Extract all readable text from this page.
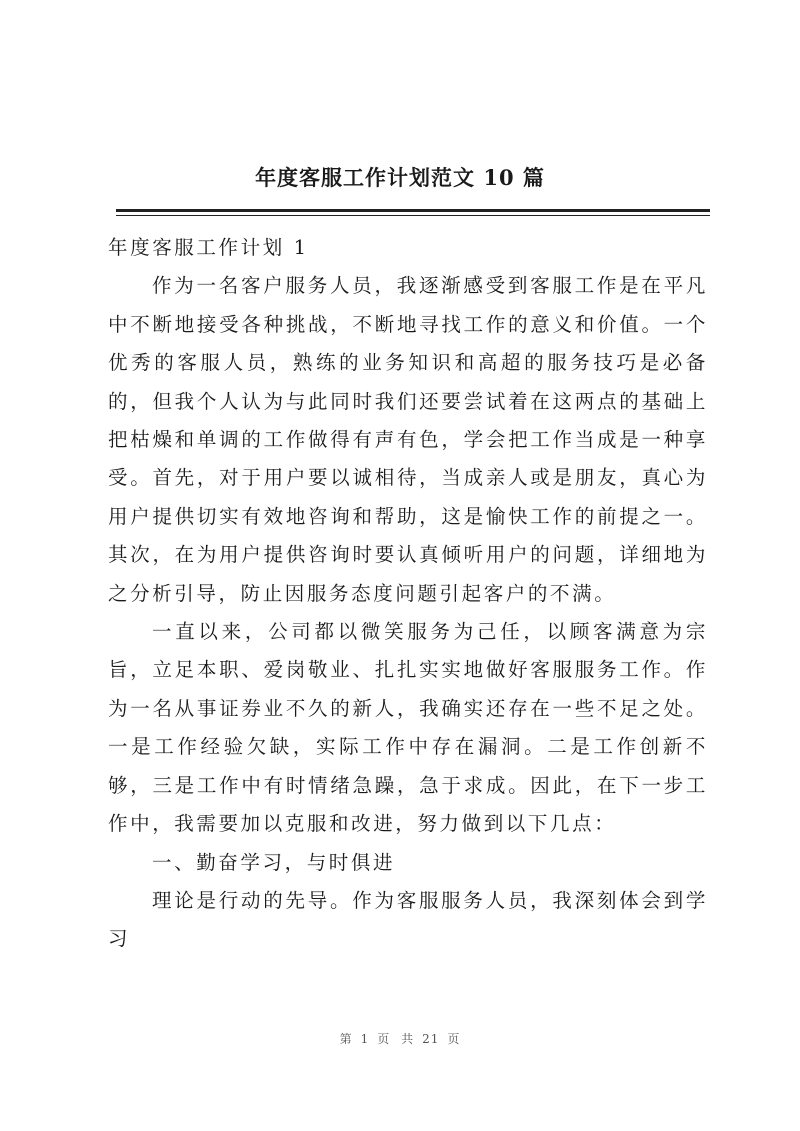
年度客服工作计划范文 10 篇

年度客服工作计划 1

作为一名客户服务人员，我逐渐感受到客服工作是在平凡中不断地接受各种挑战，不断地寻找工作的意义和价值。一个优秀的客服人员，熟练的业务知识和高超的服务技巧是必备的，但我个人认为与此同时我们还要尝试着在这两点的基础上把枯燥和单调的工作做得有声有色，学会把工作当成是一种享受。首先，对于用户要以诚相待，当成亲人或是朋友，真心为用户提供切实有效地咨询和帮助，这是愉快工作的前提之一。其次，在为用户提供咨询时要认真倾听用户的问题，详细地为之分析引导，防止因服务态度问题引起客户的不满。

一直以来，公司都以微笑服务为己任，以顾客满意为宗旨，立足本职、爱岗敬业、扎扎实实地做好客服服务工作。作为一名从事证券业不久的新人，我确实还存在一些不足之处。一是工作经验欠缺，实际工作中存在漏洞。二是工作创新不够，三是工作中有时情绪急躁，急于求成。因此，在下一步工作中，我需要加以克服和改进，努力做到以下几点：

一、勤奋学习，与时俱进

理论是行动的先导。作为客服服务人员，我深刻体会到学习

第 1 页 共 21 页
